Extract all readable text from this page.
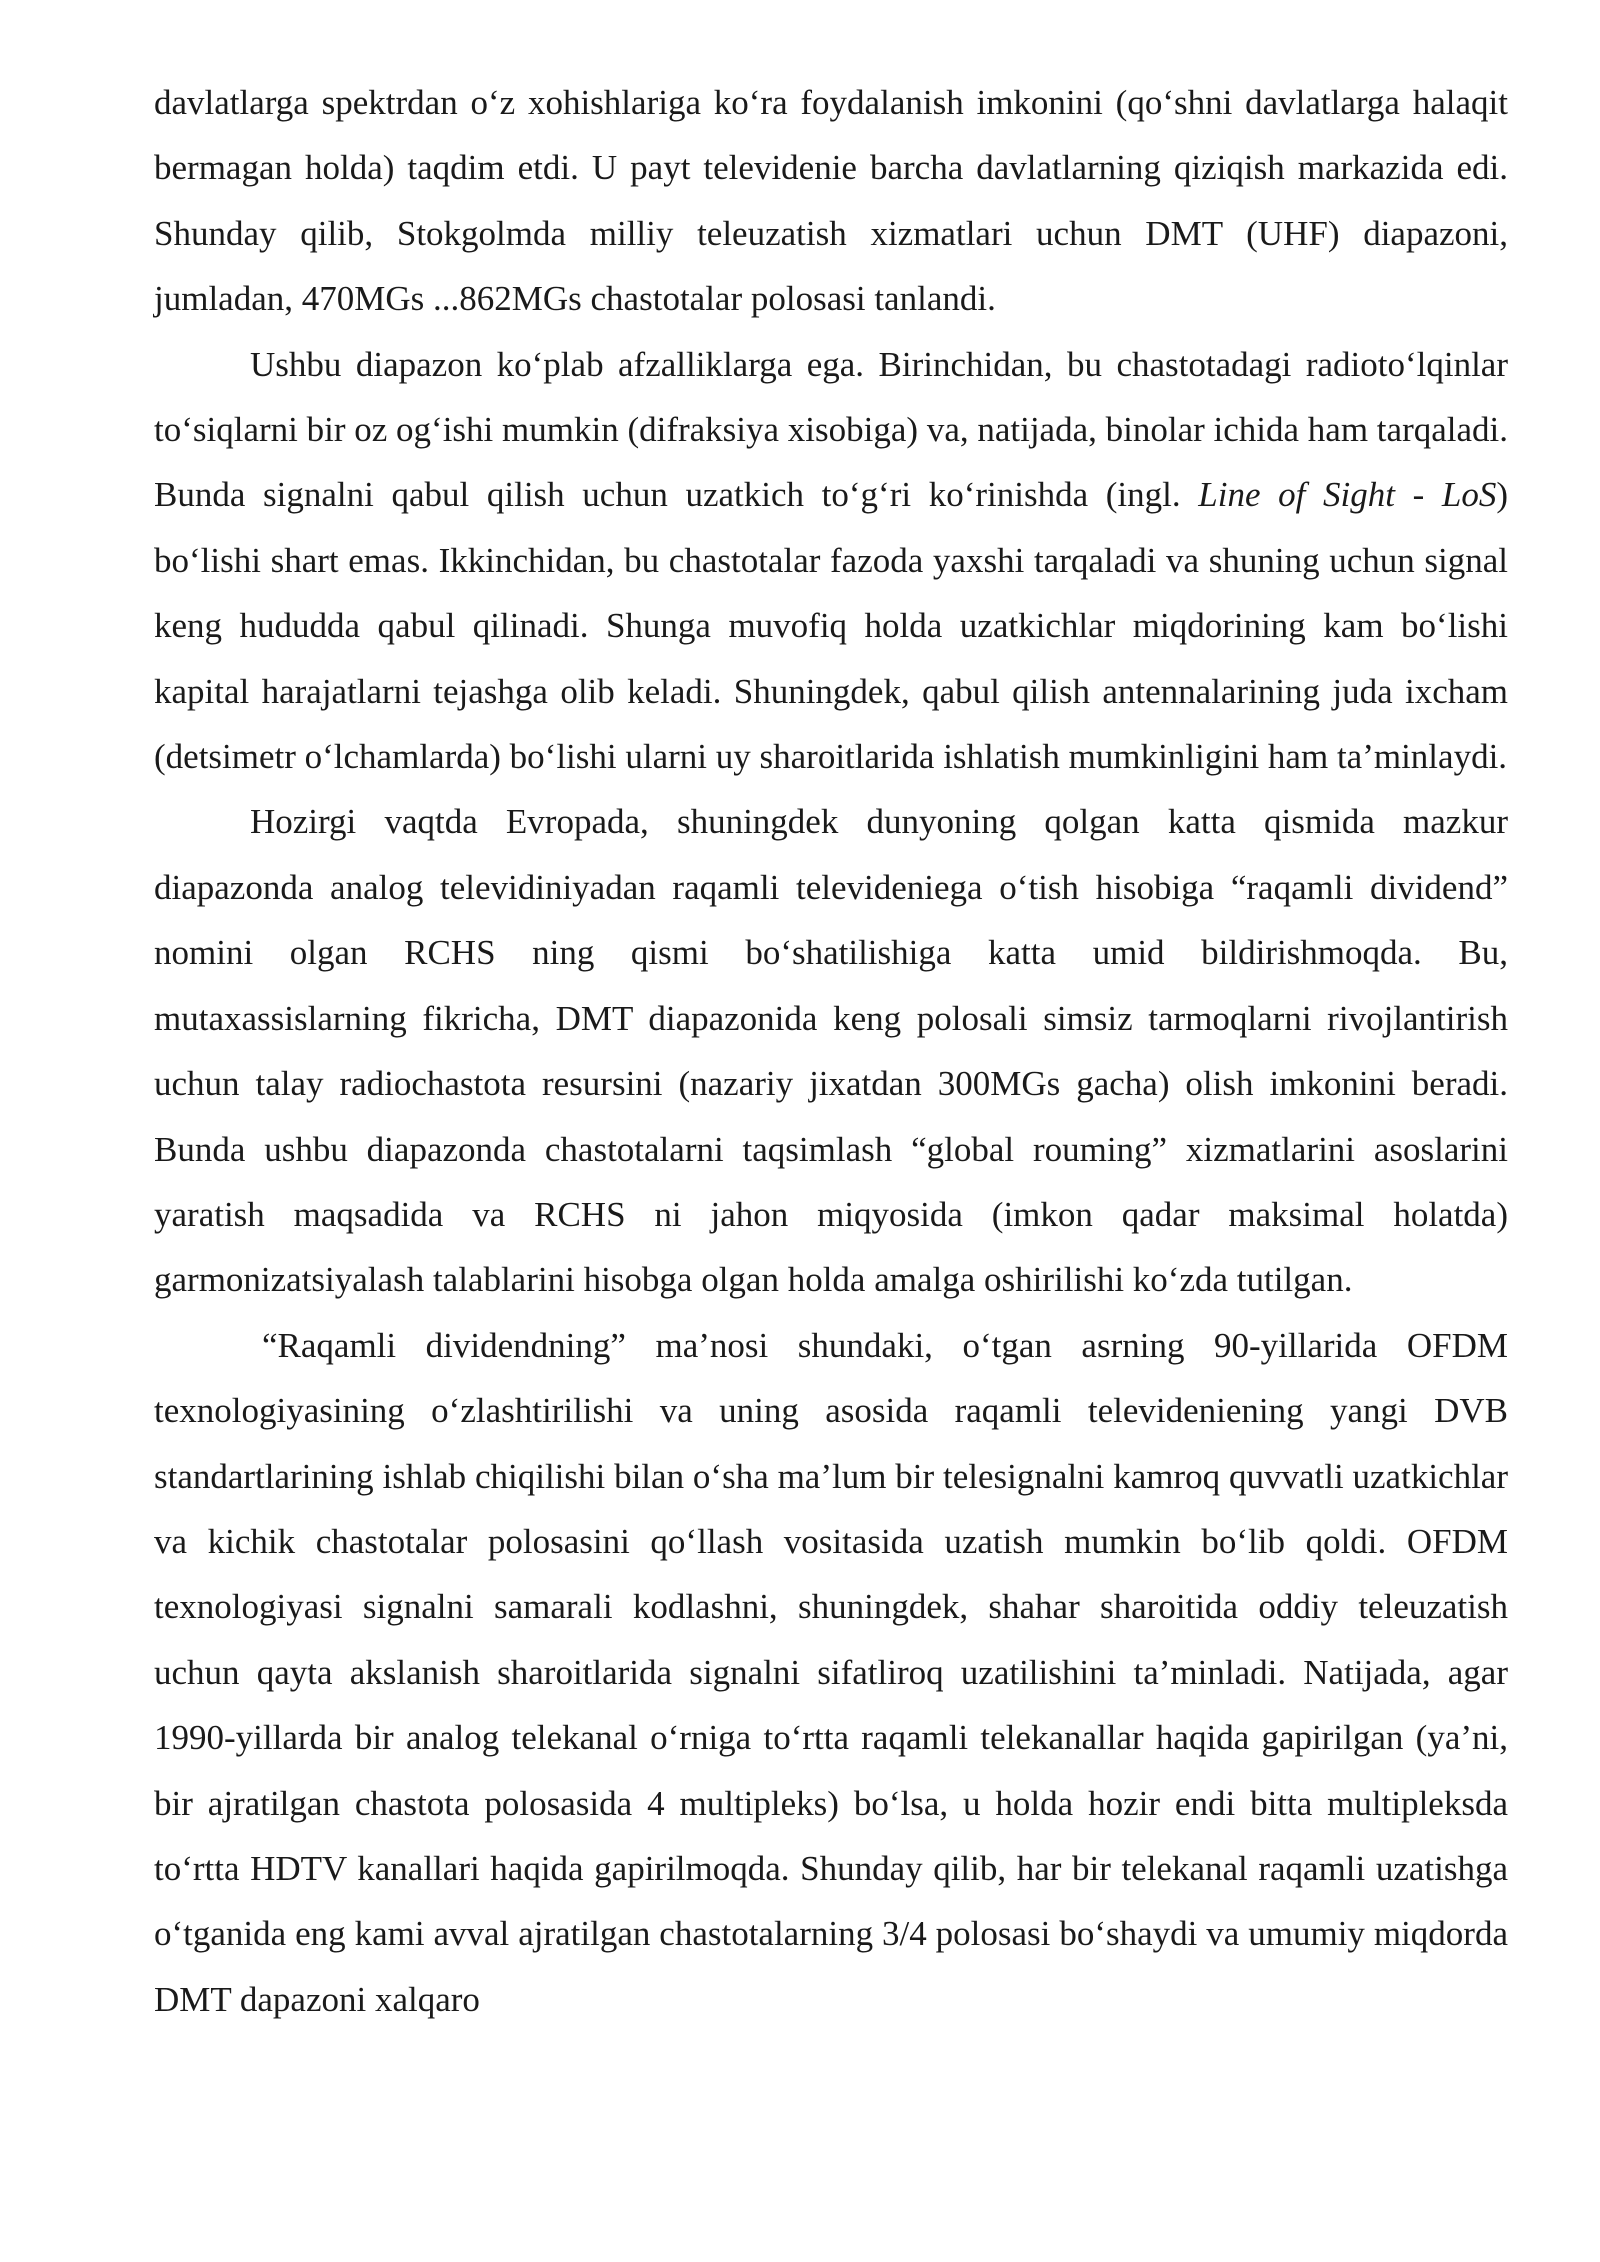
davlatlarga spektrdan o‘z xohishlariga ko‘ra foydalanish imkonini (qo‘shni davlatlarga halaqit bermagan holda) taqdim etdi. U payt televidenie barcha davlatlarning qiziqish markazida edi. Shunday qilib, Stokgolmda milliy teleuzatish xizmatlari uchun DMT (UHF) diapazoni, jumladan, 470MGs ...862MGs chastotalar polosasi tanlandi.

Ushbu diapazon ko‘plab afzalliklarga ega. Birinchidan, bu chastotadagi radioto‘lqinlar to‘siqlarni bir oz og‘ishi mumkin (difraksiya xisobiga) va, natijada, binolar ichida ham tarqaladi. Bunda signalni qabul qilish uchun uzatkich to‘g‘ri ko‘rinishda (ingl. Line of Sight - LoS) bo‘lishi shart emas. Ikkinchidan, bu chastotalar fazoda yaxshi tarqaladi va shuning uchun signal keng hududda qabul qilinadi. Shunga muvofiq holda uzatkichlar miqdorining kam bo‘lishi kapital harajatlarni tejashga olib keladi. Shuningdek, qabul qilish antennalarining juda ixcham (detsimetr o‘lchamlarda) bo‘lishi ularni uy sharoitlarida ishlatish mumkinligini ham ta’minlaydi.

Hozirgi vaqtda Evropada, shuningdek dunyoning qolgan katta qismida mazkur diapazonda analog televidiniyadan raqamli televideniega o‘tish hisobiga “raqamli dividend” nomini olgan RCHS ning qismi bo‘shatilishiga katta umid bildirishmoqda. Bu, mutaxassislarning fikricha, DMT diapazonida keng polosali simsiz tarmoqlarni rivojlantirish uchun talay radiochastota resursini (nazariy jixatdan 300MGs gacha) olish imkonini beradi. Bunda ushbu diapazonda chastotalarni taqsimlash “global rouming” xizmatlarini asoslarini yaratish maqsadida va RCHS ni jahon miqyosida (imkon qadar maksimal holatda) garmonizatsiyalash talablarini hisobga olgan holda amalga oshirilishi ko‘zda tutilgan.

“Raqamli dividendning” ma’nosi shundaki, o‘tgan asrning 90-yillarida OFDM texnologiyasining o‘zlashtirilishi va uning asosida raqamli televideniening yangi DVB standartlarining ishlab chiqilishi bilan o‘sha ma’lum bir telesignalni kamroq quvvatli uzatkichlar va kichik chastotalar polosasini qo‘llash vositasida uzatish mumkin bo‘lib qoldi. OFDM texnologiyasi signalni samarali kodlashni, shuningdek, shahar sharoitida oddiy teleuzatish uchun qayta akslanish sharoitlarida signalni sifatliroq uzatilishini ta’minladi. Natijada, agar 1990-yillarda bir analog telekanal o‘rniga to‘rtta raqamli telekanallar haqida gapirilgan (ya’ni, bir ajratilgan chastota polosasida 4 multipleks) bo‘lsa, u holda hozir endi bitta multipleksda to‘rtta HDTV kanallari haqida gapirilmoqda. Shunday qilib, har bir telekanal raqamli uzatishga o‘tganida eng kami avval ajratilgan chastotalarning 3/4 polosasi bo‘shaydi va umumiy miqdorda DMT dapazoni xalqaro
